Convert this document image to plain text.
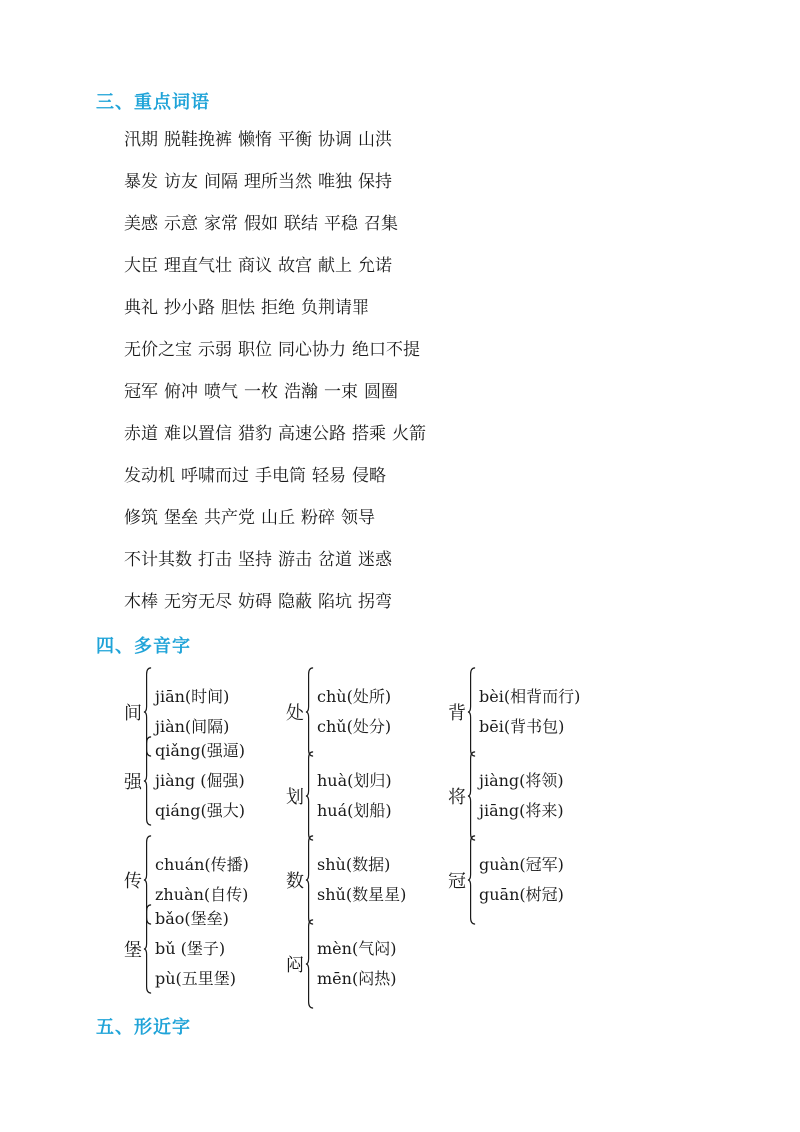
三、重点词语
汛期 脱鞋挽裤 懒惰 平衡 协调 山洪
暴发 访友 间隔 理所当然 唯独 保持
美感 示意 家常 假如 联结 平稳 召集
大臣 理直气壮 商议 故宫 献上 允诺
典礼 抄小路 胆怯 拒绝 负荆请罪
无价之宝 示弱 职位 同心协力 绝口不提
冠军 俯冲 喷气 一枚 浩瀚 一束 圆圈
赤道 难以置信 猎豹 高速公路 搭乘 火箭
发动机 呼啸而过 手电筒 轻易 侵略
修筑 堡垒 共产党 山丘 粉碎 领导
不计其数 打击 坚持 游击 岔道 迷惑
木棒 无穷无尽 妨碍 隐蔽 陷坑 拐弯
四、多音字
间
jiān(时间)
jiàn(间隔)
处
chù(处所)
chǔ(处分)
背
bèi(相背而行)
bēi(背书包)
强
qiǎng(强逼)
jiàng (倔强)
qiáng(强大)
划
huà(划归)
huá(划船)
将
jiàng(将领)
jiāng(将来)
传
chuán(传播)
zhuàn(自传)
数
shù(数据)
shǔ(数星星)
冠
guàn(冠军)
guān(树冠)
堡
bǎo(堡垒)
bǔ (堡子)
pù(五里堡)
闷
mèn(气闷)
mēn(闷热)
五、形近字
